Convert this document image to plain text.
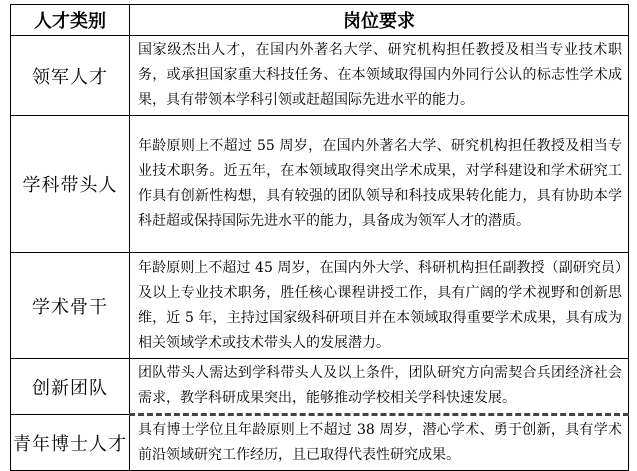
人才类别	岗位要求
领军人才	国家级杰出人才，在国内外著名大学、研究机构担任教授及相当专业技术职务，或承担国家重大科技任务、在本领域取得国内外同行公认的标志性学术成果，具有带领本学科引领或赶超国际先进水平的能力。
学科带头人	年龄原则上不超过 55 周岁，在国内外著名大学、研究机构担任教授及相当专业技术职务。近五年，在本领域取得突出学术成果，对学科建设和学术研究工作具有创新性构想，具有较强的团队领导和科技成果转化能力，具有协助本学科赶超或保持国际先进水平的能力，具备成为领军人才的潜质。
学术骨干	年龄原则上不超过 45 周岁，在国内外大学、科研机构担任副教授（副研究员）及以上专业技术职务，胜任核心课程讲授工作，具有广阔的学术视野和创新思维，近 5 年，主持过国家级科研项目并在本领域取得重要学术成果，具有成为相关领域学术或技术带头人的发展潜力。
创新团队	团队带头人需达到学科带头人及以上条件，团队研究方向需契合兵团经济社会需求，教学科研成果突出，能够推动学校相关学科快速发展。
青年博士人才	具有博士学位且年龄原则上不超过 38 周岁，潜心学术、勇于创新，具有学术前沿领域研究工作经历，且已取得代表性研究成果。
